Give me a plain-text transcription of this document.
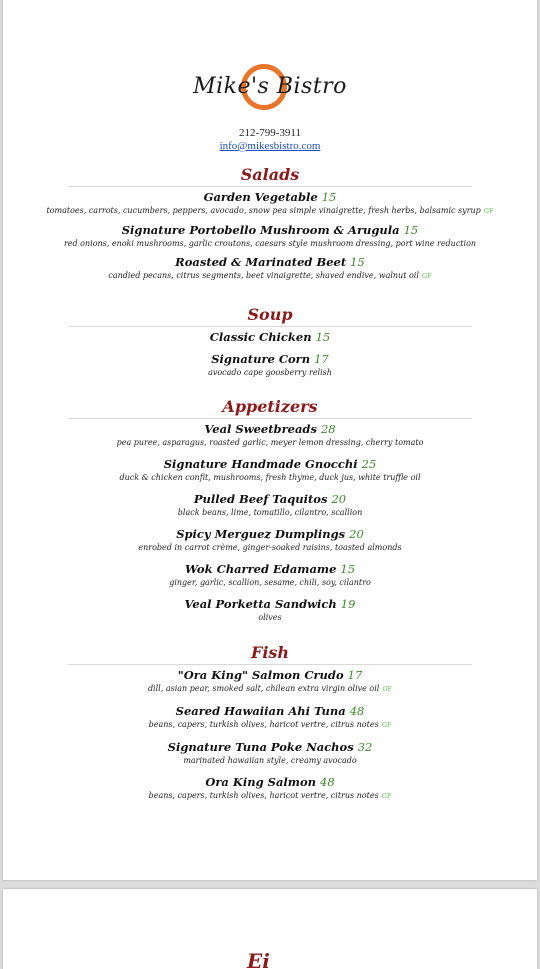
Mike's Bistro
212-799-3911
info@mikesbistro.com
Salads
Garden Vegetable 15
tomatoes, carrots, cucumbers, peppers, avocado, snow pea simple vinaigrette, fresh herbs, balsamic syrup GF
Signature Portobello Mushroom & Arugula 15
red onions, enoki mushrooms, garlic croutons, caesars style mushroom dressing, port wine reduction
Roasted & Marinated Beet 15
candied pecans, citrus segments, beet vinaigrette, shaved endive, walnut oil GF
Soup
Classic Chicken 15
Signature Corn 17
avocado cape goosberry relish
Appetizers
Veal Sweetbreads 28
pea puree, asparagus, roasted garlic, meyer lemon dressing, cherry tomato
Signature Handmade Gnocchi 25
duck & chicken confit, mushrooms, fresh thyme, duck jus, white truffle oil
Pulled Beef Taquitos 20
black beans, lime, tomatillo, cilantro, scallion
Spicy Merguez Dumplings 20
enrobed in carrot crème, ginger-soaked raisins, toasted almonds
Wok Charred Edamame 15
ginger, garlic, scallion, sesame, chili, soy, cilantro
Veal Porketta Sandwich 19
olives
Fish
"Ora King" Salmon Crudo 17
dill, asian pear, smoked salt, chilean extra virgin olive oil GF
Seared Hawaiian Ahi Tuna 48
beans, capers, turkish olives, haricot vertre, citrus notes GF
Signature Tuna Poke Nachos 32
marinated hawaiian style, creamy avocado
Ora King Salmon 48
beans, capers, turkish olives, haricot vertre, citrus notes GF
Ei
